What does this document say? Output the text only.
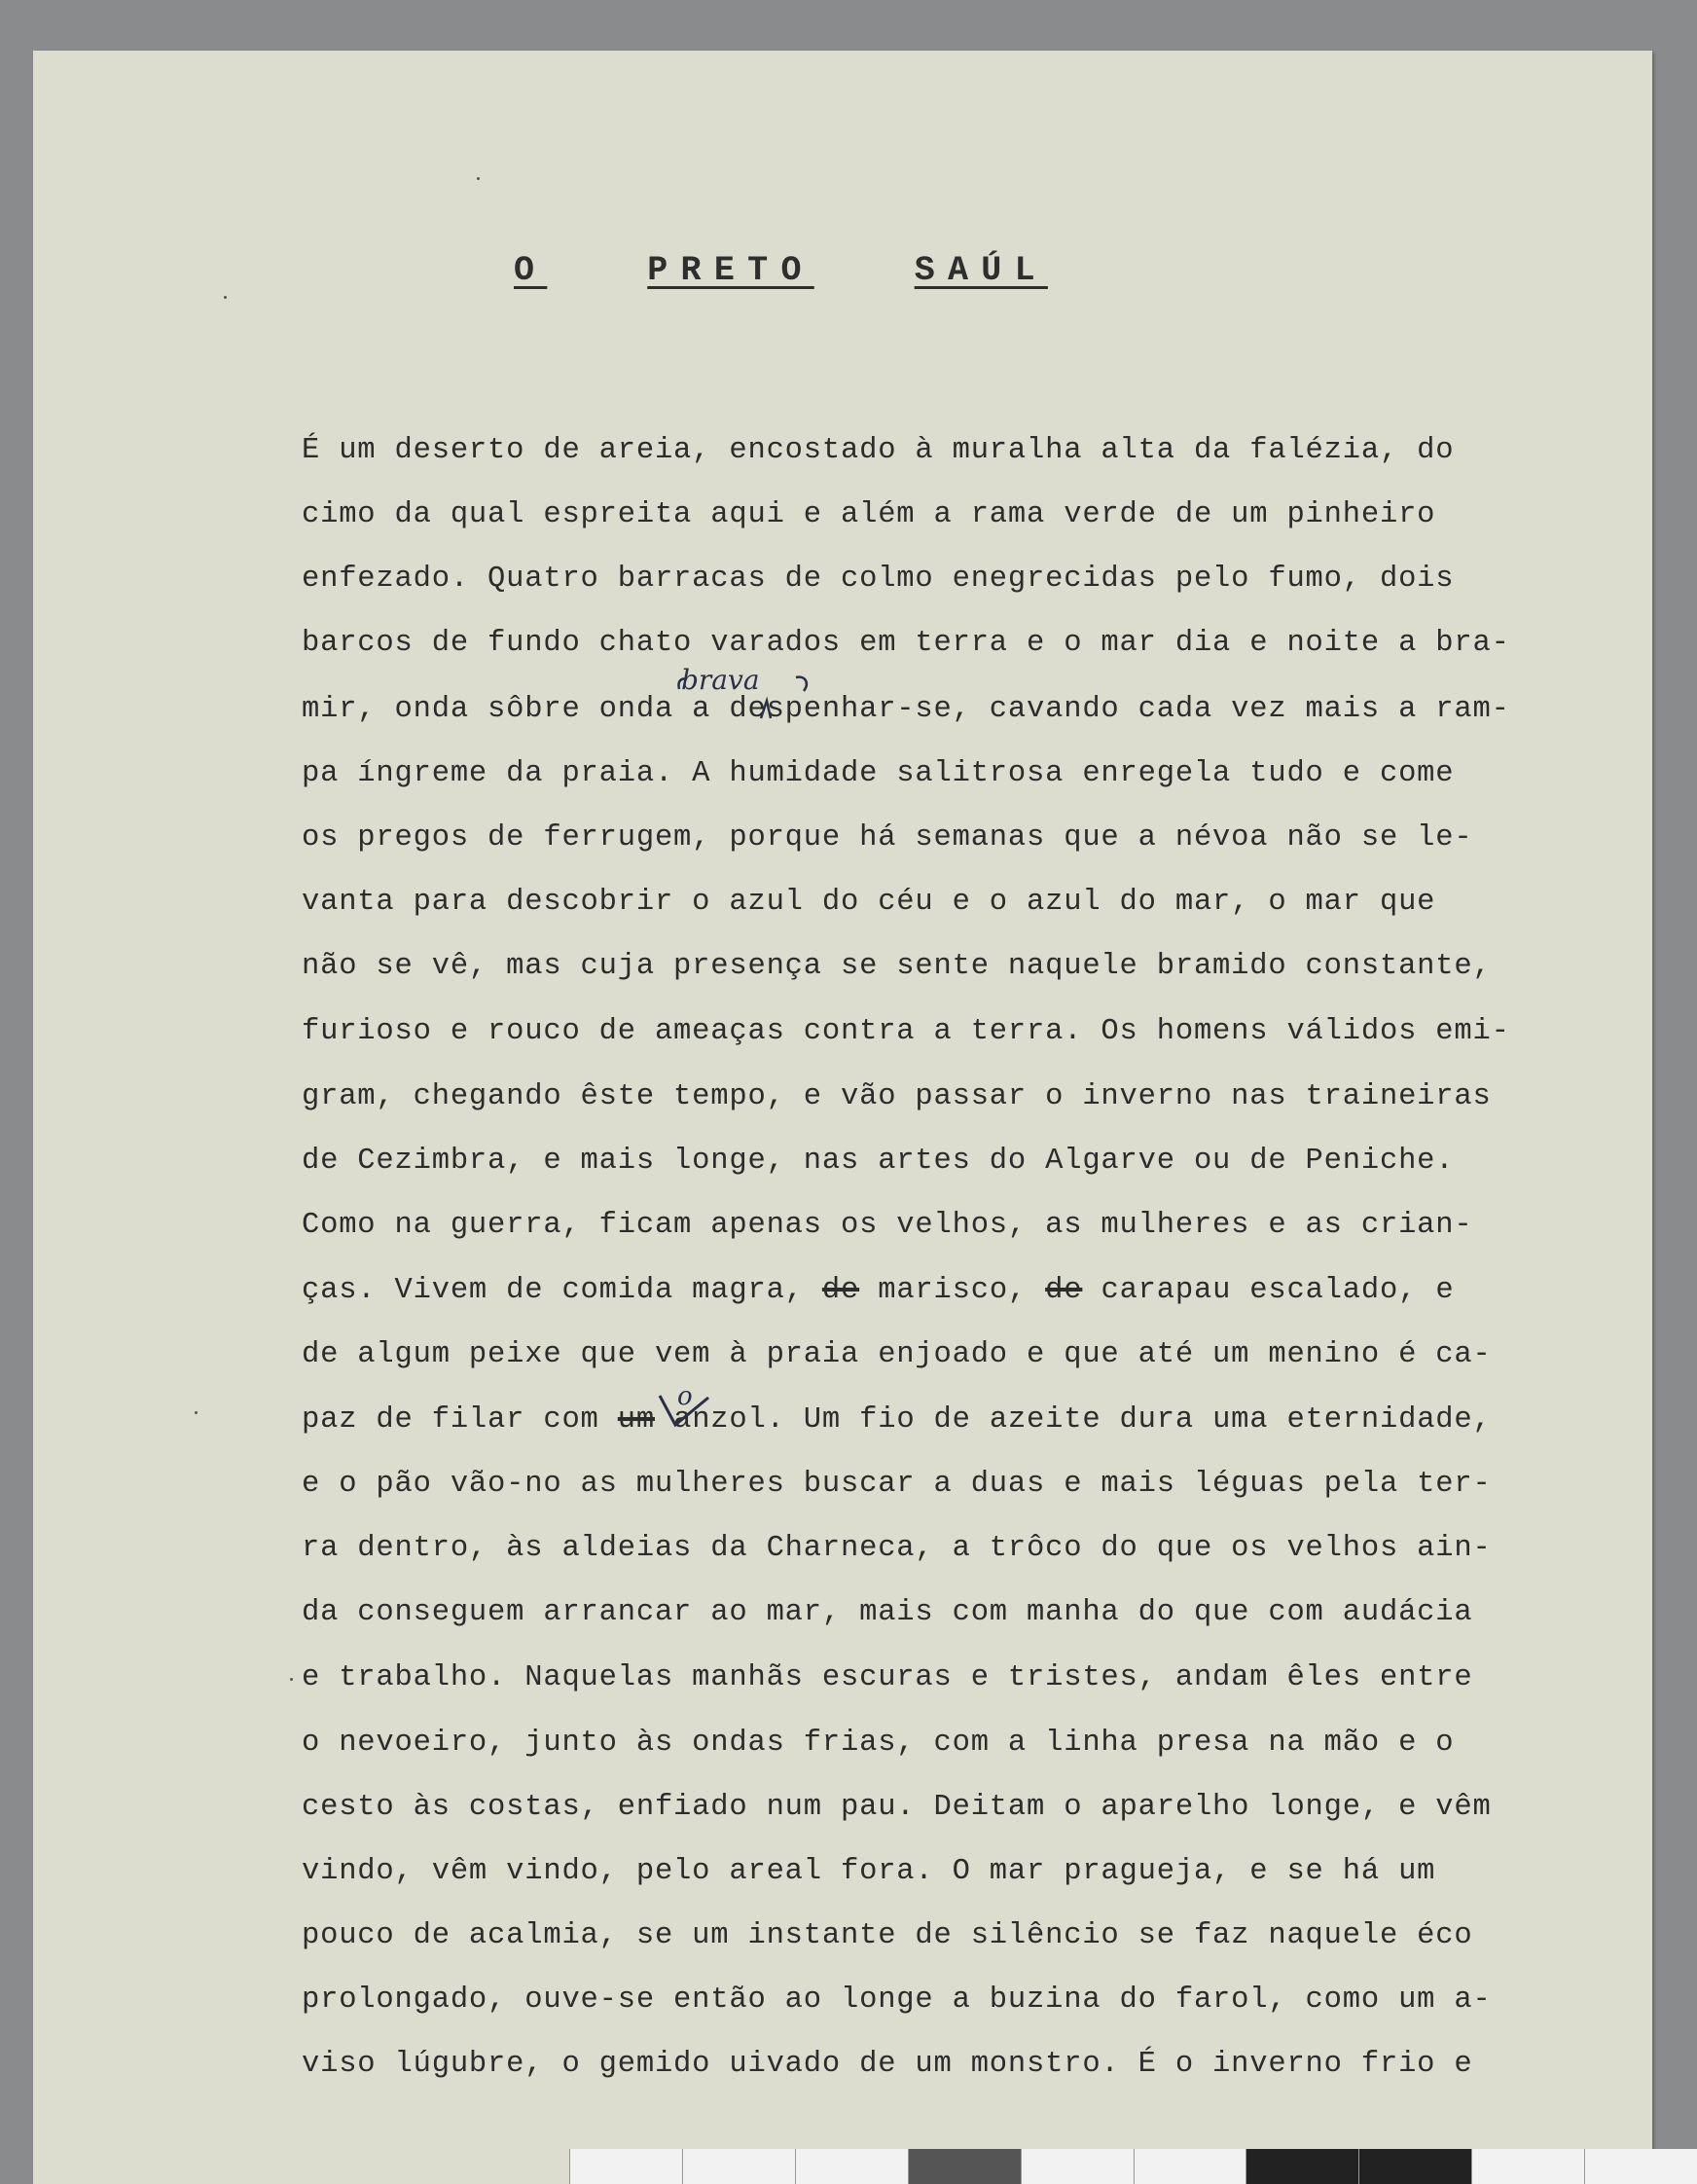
O	PRETO	SAÚL
É um deserto de areia, encostado à muralha alta da falézia, do
cimo da qual espreita aqui e além a rama verde de um pinheiro
enfezado. Quatro barracas de colmo enegrecidas pelo fumo, dois
barcos de fundo chato varados em terra e o mar dia e noite a bra-
mir, onda sôbre onda a despenhar-se, cavando cada vez mais a ram-
pa íngreme da praia. A humidade salitrosa enregela tudo e come
os pregos de ferrugem, porque há semanas que a névoa não se le-
vanta para descobrir o azul do céu e o azul do mar, o mar que
não se vê, mas cuja presença se sente naquele bramido constante,
furioso e rouco de ameaças contra a terra. Os homens válidos emi-
gram, chegando êste tempo, e vão passar o inverno nas traineiras
de Cezimbra, e mais longe, nas artes do Algarve ou de Peniche.
Como na guerra, ficam apenas os velhos, as mulheres e as crian-
ças. Vivem de comida magra, de marisco, de carapau escalado, e
de algum peixe que vem à praia enjoado e que até um menino é ca-
paz de filar com um anzol. Um fio de azeite dura uma eternidade,
e o pão vão-no as mulheres buscar a duas e mais léguas pela ter-
ra dentro, às aldeias da Charneca, a trôco do que os velhos ain-
da conseguem arrancar ao mar, mais com manha do que com audácia
e trabalho. Naquelas manhãs escuras e tristes, andam êles entre
o nevoeiro, junto às ondas frias, com a linha presa na mão e o
cesto às costas, enfiado num pau. Deitam o aparelho longe, e vêm
vindo, vêm vindo, pelo areal fora. O mar pragueja, e se há um
pouco de acalmia, se um instante de silêncio se faz naquele éco
prolongado, ouve-se então ao longe a buzina do farol, como um a-
viso lúgubre, o gemido uivado de um monstro. É o inverno frio e
brava
o
